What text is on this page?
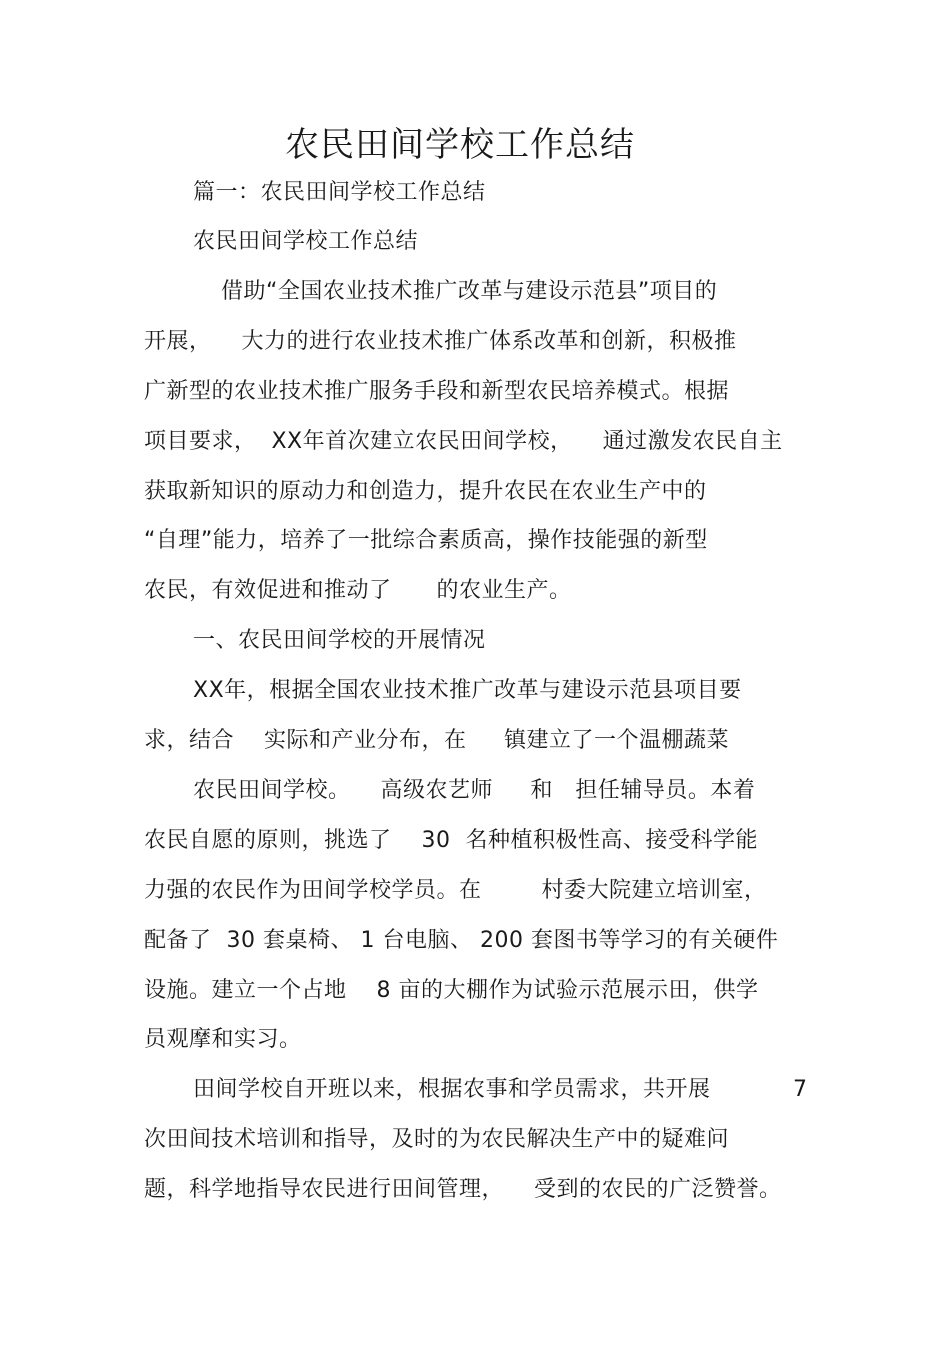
农民田间学校工作总结
篇一：农民田间学校工作总结
农民田间学校工作总结
借助“全国农业技术推广改革与建设示范县”项目的
开展，    大力的进行农业技术推广体系改革和创新，积极推
广新型的农业技术推广服务手段和新型农民培养模式。根据
项目要求，  XX年首次建立农民田间学校，    通过激发农民自主
获取新知识的原动力和创造力，提升农民在农业生产中的
“自理”能力，培养了一批综合素质高，操作技能强的新型
农民，有效促进和推动了      的农业生产。
一、农民田间学校的开展情况
XX年，根据全国农业技术推广改革与建设示范县项目要
求，结合    实际和产业分布，在     镇建立了一个温棚蔬菜
农民田间学校。    高级农艺师     和   担任辅导员。本着
农民自愿的原则，挑选了    30  名种植积极性高、接受科学能
力强的农民作为田间学校学员。在        村委大院建立培训室，
配备了  30 套桌椅、 1 台电脑、 200 套图书等学习的有关硬件
设施。建立一个占地    8 亩的大棚作为试验示范展示田，供学
员观摩和实习。
田间学校自开班以来，根据农事和学员需求，共开展	7
次田间技术培训和指导，及时的为农民解决生产中的疑难问
题，科学地指导农民进行田间管理，    受到的农民的广泛赞誉。
